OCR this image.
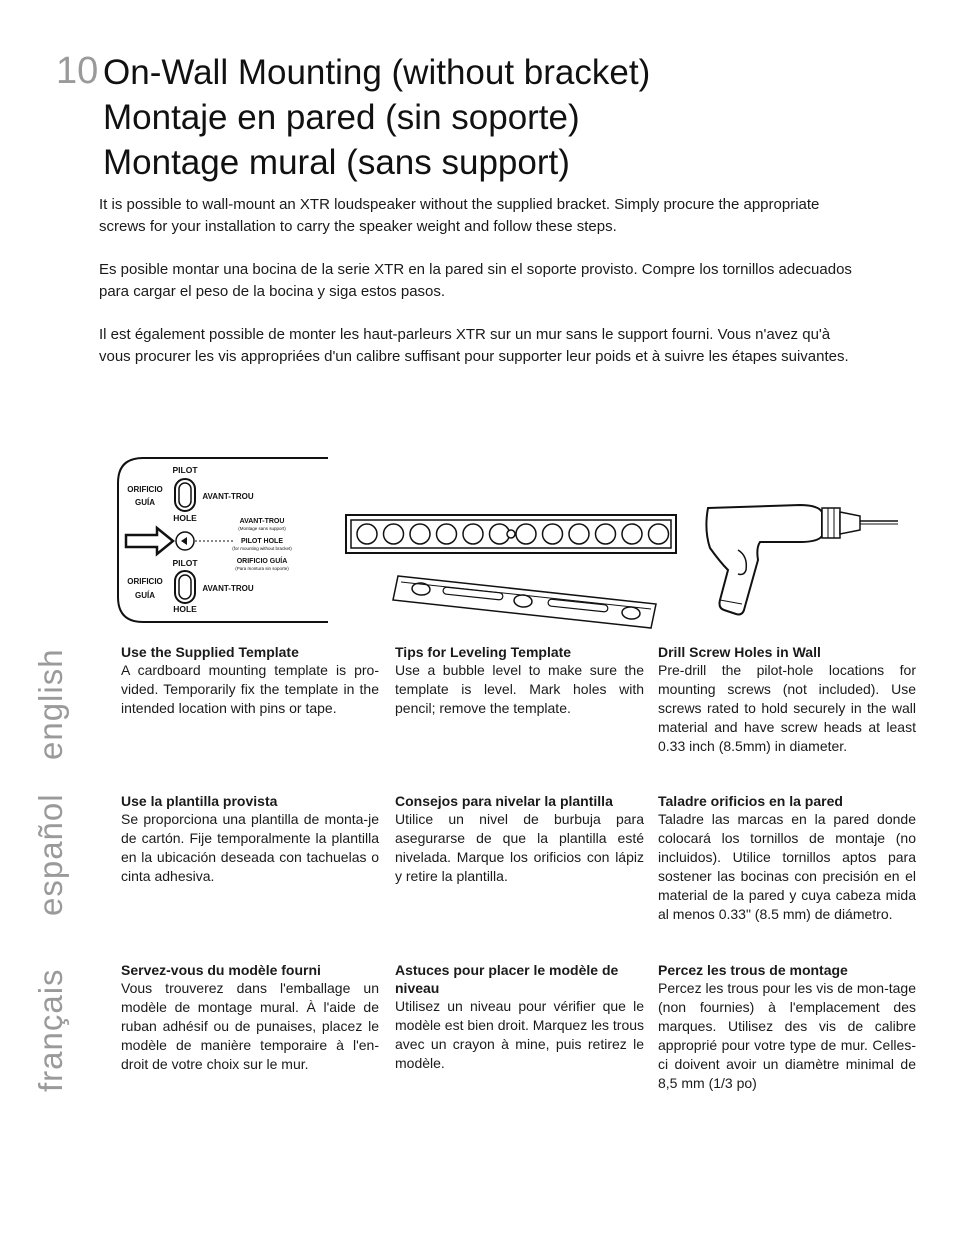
10 On-Wall Mounting (without bracket)
Montaje en pared (sin soporte)
Montage mural (sans support)

It is possible to wall-mount an XTR loudspeaker without the supplied bracket. Simply procure the appropriate screws for your installation to carry the speaker weight and follow these steps.

Es posible montar una bocina de la serie XTR en la pared sin el soporte provisto. Compre los tornillos adecuados para cargar el peso de la bocina y siga estos pasos.

Il est également possible de monter les haut-parleurs XTR sur un mur sans le support fourni. Vous n'avez qu'à vous procurer les vis appropriées d'un calibre suffisant pour supporter leur poids et à suivre les étapes suivantes.

PILOT
ORIFICIO
GUÍA
AVANT-TROU
HOLE
PILOT
ORIFICIO
GUÍA
AVANT-TROU
HOLE
AVANT-TROU
PILOT HOLE
ORIFICIO GUÍA
(Montage sans support)
(for mounting without bracket)
(Para montura sin soporte)
english
español
français
Use the Supplied Template

A cardboard mounting template is pro-vided. Temporarily fix the template in the intended location with pins or tape.

Tips for Leveling Template

Use a bubble level to make sure the template is level. Mark holes with pencil; remove the template.

Drill Screw Holes in Wall

Pre-drill the pilot-hole locations for mounting screws (not included). Use screws rated to hold securely in the wall material and have screw heads at least 0.33 inch (8.5mm) in diameter.

Use la plantilla provista

Se proporciona una plantilla de monta-je de cartón. Fije temporalmente la plantilla en la ubicación deseada con tachuelas o cinta adhesiva.

Consejos para nivelar la plantilla

Utilice un nivel de burbuja para asegurarse de que la plantilla esté nivelada. Marque los orificios con lápiz y retire la plantilla.

Taladre orificios en la pared

Taladre las marcas en la pared donde colocará los tornillos de montaje (no incluidos). Utilice tornillos aptos para sostener las bocinas con precisión en el material de la pared y cuya cabeza mida al menos 0.33" (8.5 mm) de diámetro.

Servez-vous du modèle fourni

Vous trouverez dans l'emballage un modèle de montage mural. À l'aide de ruban adhésif ou de punaises, placez le modèle de manière temporaire à l'en-droit de votre choix sur le mur.

Astuces pour placer le modèle de niveau

Utilisez un niveau pour vérifier que le modèle est bien droit. Marquez les trous avec un crayon à mine, puis retirez le modèle.

Percez les trous de montage

Percez les trous pour les vis de mon-tage (non fournies) à l'emplacement des marques. Utilisez des vis de calibre approprié pour votre type de mur. Celles-ci doivent avoir un diamètre minimal de 8,5 mm (1/3 po)
